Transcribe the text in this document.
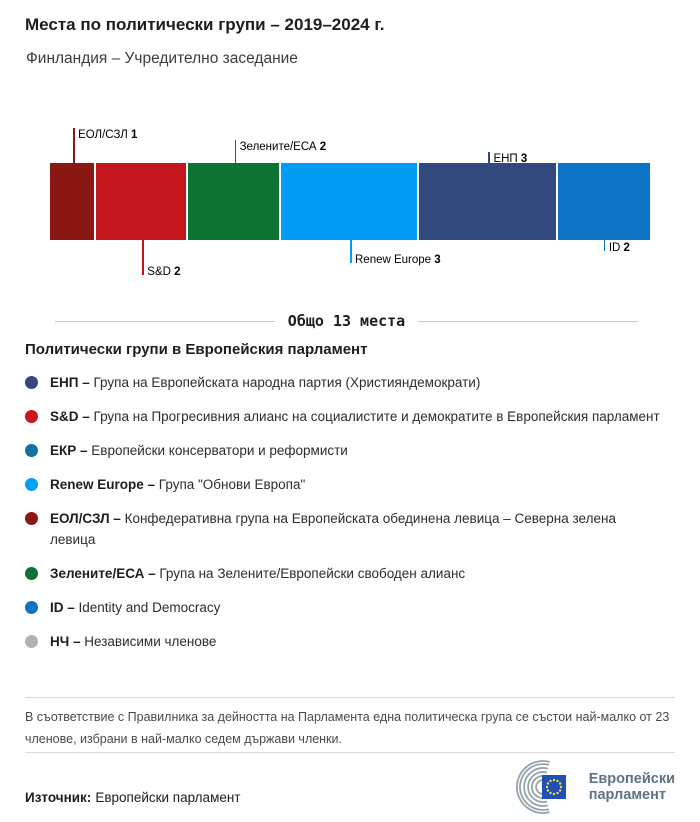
Места по политически групи – 2019–2024 г.
Финландия – Учредително заседание
ЕОЛ/СЗЛ 1
S&D 2
Зелените/ЕСА 2
Renew Europe 3
ЕНП 3
ID 2
Общо 13 места
Политически групи в Европейския парламент
ЕНП – Група на Европейската народна партия (Християндемократи)
S&D – Група на Прогресивния алианс на социалистите и демократите в Европейския парламент
ЕКР – Европейски консерватори и реформисти
Renew Europe – Група "Обнови Европа"
ЕОЛ/СЗЛ – Конфедеративна група на Европейската обединена левица – Северна зелена левица
Зелените/ЕСА – Група на Зелените/Европейски свободен алианс
ID – Identity and Democracy
НЧ – Независими членове
В съответствие с Правилника за дейността на Парламента една политическа група се състои най-малко от 23 членове, избрани в най-малко седем държави членки.
Източник: Европейски парламент
Европейски
парламент
